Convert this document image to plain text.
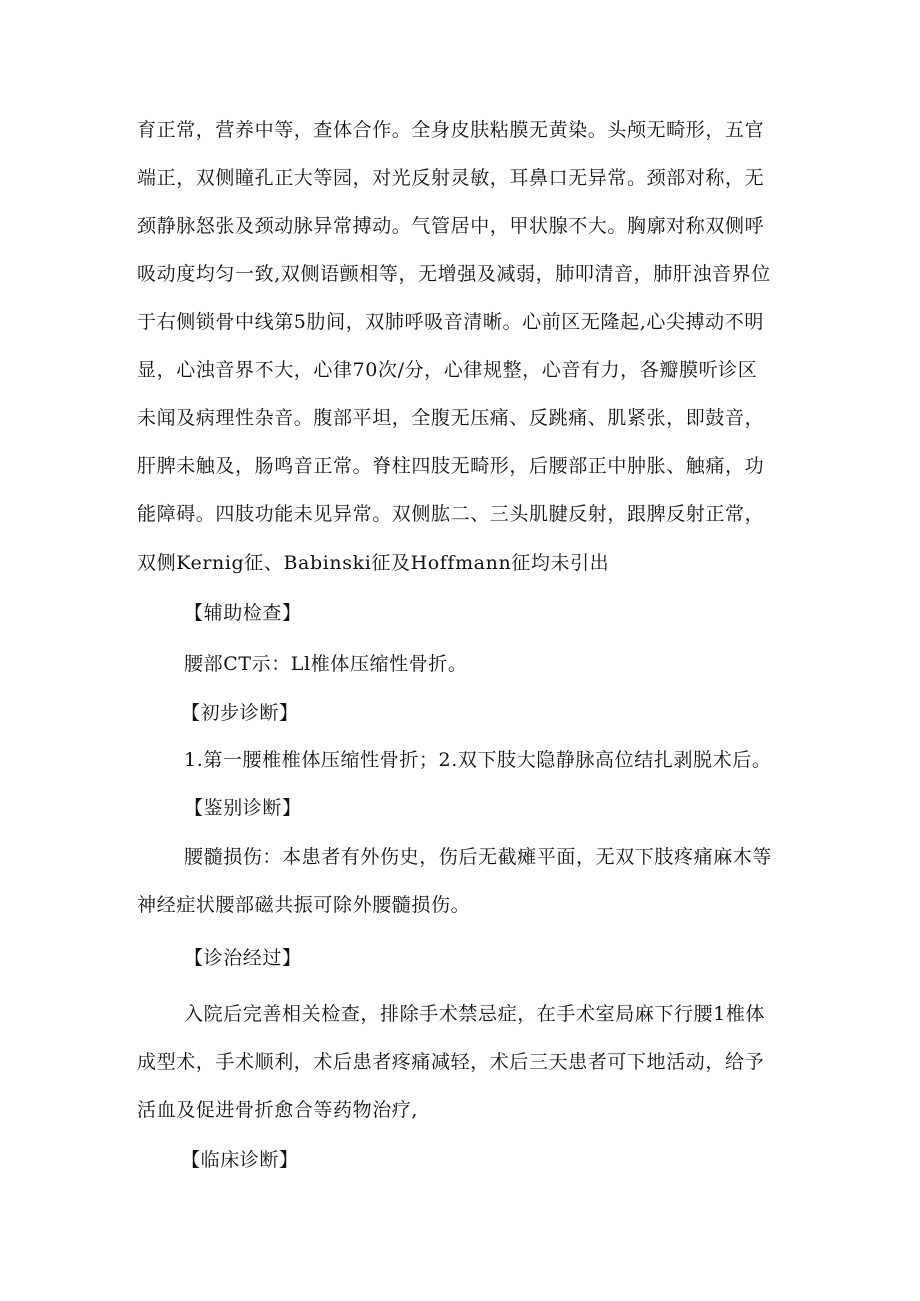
育正常，营养中等，查体合作。全身皮肤粘膜无黄染。头颅无畸形，五官
端正，双侧瞳孔正大等园，对光反射灵敏，耳鼻口无异常。颈部对称，无
颈静脉怒张及颈动脉异常搏动。气管居中，甲状腺不大。胸廓对称双侧呼
吸动度均匀一致,双侧语颤相等，无增强及减弱，肺叩清音，肺肝浊音界位
于右侧锁骨中线第5肋间，双肺呼吸音清晰。心前区无隆起,心尖搏动不明
显，心浊音界不大，心律70次/分，心律规整，心音有力，各瓣膜听诊区
未闻及病理性杂音。腹部平坦，全腹无压痛、反跳痛、肌紧张，即鼓音，
肝脾未触及，肠鸣音正常。脊柱四肢无畸形，后腰部正中肿胀、触痛，功
能障碍。四肢功能未见异常。双侧肱二、三头肌腱反射，跟脾反射正常，
双侧Kernig征、Babinski征及Hoffmann征均未引出
【辅助检查】
腰部CT示：Ll椎体压缩性骨折。
【初步诊断】
1.第一腰椎椎体压缩性骨折；2.双下肢大隐静脉高位结扎剥脱术后。
【鉴别诊断】
腰髓损伤：本患者有外伤史，伤后无截瘫平面，无双下肢疼痛麻木等
神经症状腰部磁共振可除外腰髓损伤。
【诊治经过】
入院后完善相关检查，排除手术禁忌症，在手术室局麻下行腰1椎体
成型术，手术顺利，术后患者疼痛减轻，术后三天患者可下地活动，给予
活血及促进骨折愈合等药物治疗,
【临床诊断】
